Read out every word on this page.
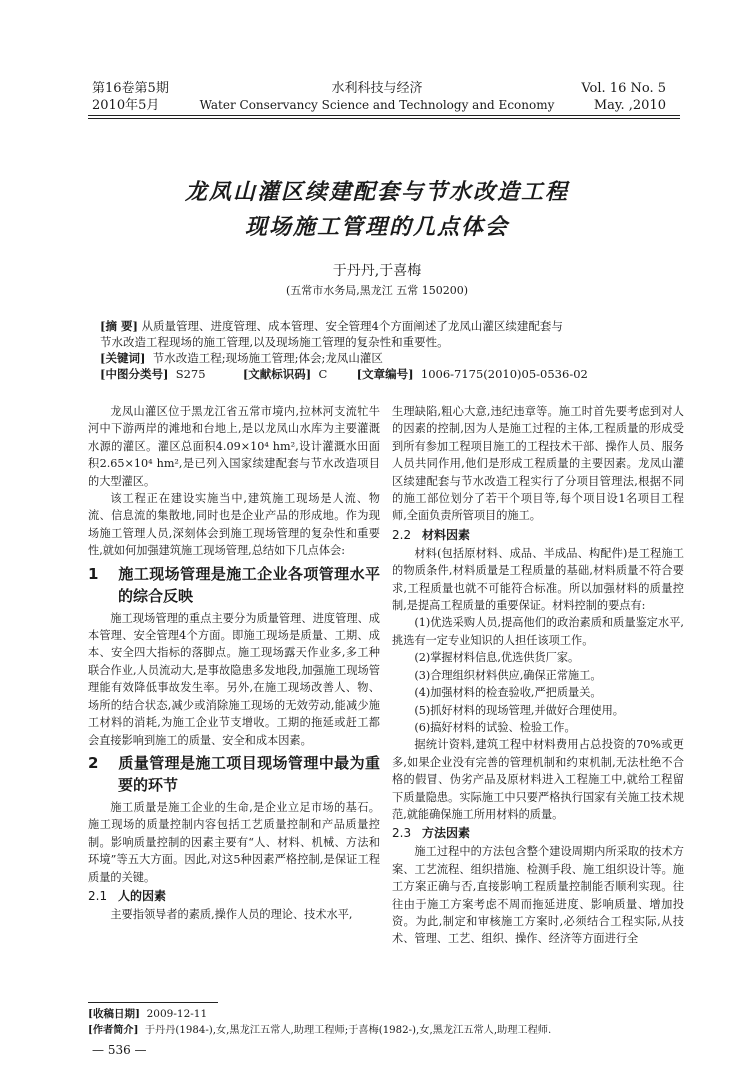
第16卷第5期
2010年5月
水利科技与经济
Water Conservancy Science and Technology and Economy
Vol. 16 No. 5
May. ,2010
龙凤山灌区续建配套与节水改造工程
现场施工管理的几点体会
于丹丹,于喜梅
(五常市水务局,黑龙江 五常 150200)
[摘 要] 从质量管理、进度管理、成本管理、安全管理4个方面阐述了龙凤山灌区续建配套与
节水改造工程现场的施工管理,以及现场施工管理的复杂性和重要性。
[关键词] 节水改造工程;现场施工管理;体会;龙凤山灌区
[中图分类号] S275	[文献标识码] C	[文章编号] 1006-7175(2010)05-0536-02

龙凤山灌区位于黑龙江省五常市境内,拉林河支流牤牛河中下游两岸的滩地和台地上,是以龙凤山水库为主要灌溉水源的灌区。灌区总面积4.09×10⁴ hm²,设计灌溉水田面积2.65×10⁴ hm²,是已列入国家续建配套与节水改造项目的大型灌区。

该工程正在建设实施当中,建筑施工现场是人流、物流、信息流的集散地,同时也是企业产品的形成地。作为现场施工管理人员,深刻体会到施工现场管理的复杂性和重要性,就如何加强建筑施工现场管理,总结如下几点体会:

1 施工现场管理是施工企业各项管理水平的综合反映

施工现场管理的重点主要分为质量管理、进度管理、成本管理、安全管理4个方面。即施工现场是质量、工期、成本、安全四大指标的落脚点。施工现场露天作业多,多工种联合作业,人员流动大,是事故隐患多发地段,加强施工现场管理能有效降低事故发生率。另外,在施工现场改善人、物、场所的结合状态,减少或消除施工现场的无效劳动,能减少施工材料的消耗,为施工企业节支增收。工期的拖延或赶工都会直接影响到施工的质量、安全和成本因素。

2 质量管理是施工项目现场管理中最为重要的环节

施工质量是施工企业的生命,是企业立足市场的基石。施工现场的质量控制内容包括工艺质量控制和产品质量控制。影响质量控制的因素主要有“人、材料、机械、方法和环境”等五大方面。因此,对这5种因素严格控制,是保证工程质量的关键。

2.1 人的因素

主要指领导者的素质,操作人员的理论、技术水平,

生理缺陷,粗心大意,违纪违章等。施工时首先要考虑到对人的因素的控制,因为人是施工过程的主体,工程质量的形成受到所有参加工程项目施工的工程技术干部、操作人员、服务人员共同作用,他们是形成工程质量的主要因素。龙凤山灌区续建配套与节水改造工程实行了分项目管理法,根据不同的施工部位划分了若干个项目等,每个项目设1名项目工程师,全面负责所管项目的施工。

2.2 材料因素

材料(包括原材料、成品、半成品、构配件)是工程施工的物质条件,材料质量是工程质量的基础,材料质量不符合要求,工程质量也就不可能符合标准。所以加强材料的质量控制,是提高工程质量的重要保证。材料控制的要点有:

(1)优选采购人员,提高他们的政治素质和质量鉴定水平,挑选有一定专业知识的人担任该项工作。

(2)掌握材料信息,优选供货厂家。

(3)合理组织材料供应,确保正常施工。

(4)加强材料的检查验收,严把质量关。

(5)抓好材料的现场管理,并做好合理使用。

(6)搞好材料的试验、检验工作。

据统计资料,建筑工程中材料费用占总投资的70%或更多,如果企业没有完善的管理机制和约束机制,无法杜绝不合格的假冒、伪劣产品及原材料进入工程施工中,就给工程留下质量隐患。实际施工中只要严格执行国家有关施工技术规范,就能确保施工所用材料的质量。

2.3 方法因素

施工过程中的方法包含整个建设周期内所采取的技术方案、工艺流程、组织措施、检测手段、施工组织设计等。施工方案正确与否,直接影响工程质量控制能否顺利实现。往往由于施工方案考虑不周而拖延进度、影响质量、增加投资。为此,制定和审核施工方案时,必须结合工程实际,从技术、管理、工艺、组织、操作、经济等方面进行全

[收稿日期] 2009-12-11
[作者简介] 于丹丹(1984-),女,黑龙江五常人,助理工程师;于喜梅(1982-),女,黑龙江五常人,助理工程师.
— 536 —
